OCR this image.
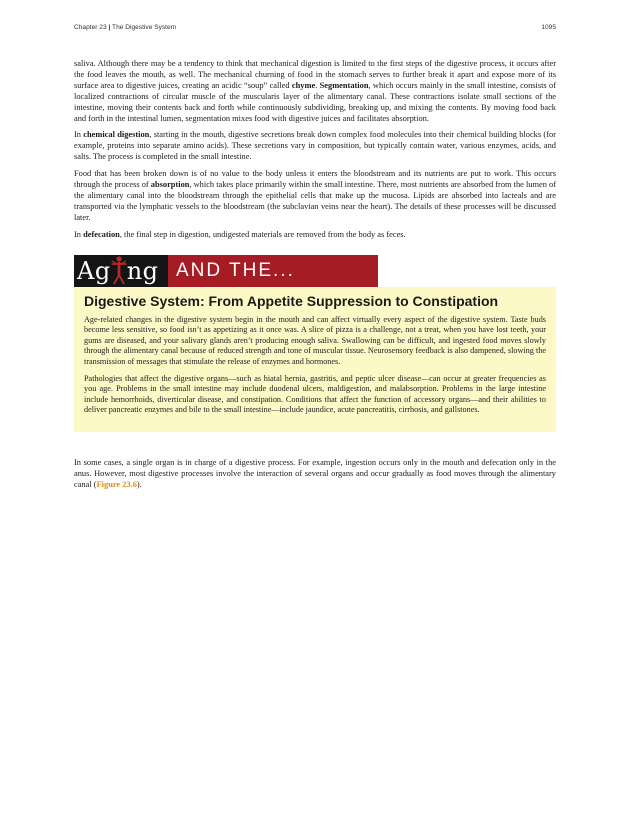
Chapter 23 | The Digestive System	1095

saliva. Although there may be a tendency to think that mechanical digestion is limited to the first steps of the digestive process, it occurs after the food leaves the mouth, as well. The mechanical churning of food in the stomach serves to further break it apart and expose more of its surface area to digestive juices, creating an acidic “soup” called chyme. Segmentation, which occurs mainly in the small intestine, consists of localized contractions of circular muscle of the muscularis layer of the alimentary canal. These contractions isolate small sections of the intestine, moving their contents back and forth while continuously subdividing, breaking up, and mixing the contents. By moving food back and forth in the intestinal lumen, segmentation mixes food with digestive juices and facilitates absorption.

In chemical digestion, starting in the mouth, digestive secretions break down complex food molecules into their chemical building blocks (for example, proteins into separate amino acids). These secretions vary in composition, but typically contain water, various enzymes, acids, and salts. The process is completed in the small intestine.

Food that has been broken down is of no value to the body unless it enters the bloodstream and its nutrients are put to work. This occurs through the process of absorption, which takes place primarily within the small intestine. There, most nutrients are absorbed from the lumen of the alimentary canal into the bloodstream through the epithelial cells that make up the mucosa. Lipids are absorbed into lacteals and are transported via the lymphatic vessels to the bloodstream (the subclavian veins near the heart). The details of these processes will be discussed later.

In defecation, the final step in digestion, undigested materials are removed from the body as feces.

Ag ng AND THE...
Digestive System: From Appetite Suppression to Constipation

Age-related changes in the digestive system begin in the mouth and can affect virtually every aspect of the digestive system. Taste buds become less sensitive, so food isn’t as appetizing as it once was. A slice of pizza is a challenge, not a treat, when you have lost teeth, your gums are diseased, and your salivary glands aren’t producing enough saliva. Swallowing can be difficult, and ingested food moves slowly through the alimentary canal because of reduced strength and tone of muscular tissue. Neurosensory feedback is also dampened, slowing the transmission of messages that stimulate the release of enzymes and hormones.

Pathologies that affect the digestive organs—such as hiatal hernia, gastritis, and peptic ulcer disease—can occur at greater frequencies as you age. Problems in the small intestine may include duodenal ulcers, maldigestion, and malabsorption. Problems in the large intestine include hemorrhoids, diverticular disease, and constipation. Conditions that affect the function of accessory organs—and their abilities to deliver pancreatic enzymes and bile to the small intestine—include jaundice, acute pancreatitis, cirrhosis, and gallstones.

In some cases, a single organ is in charge of a digestive process. For example, ingestion occurs only in the mouth and defecation only in the anus. However, most digestive processes involve the interaction of several organs and occur gradually as food moves through the alimentary canal (Figure 23.6).
